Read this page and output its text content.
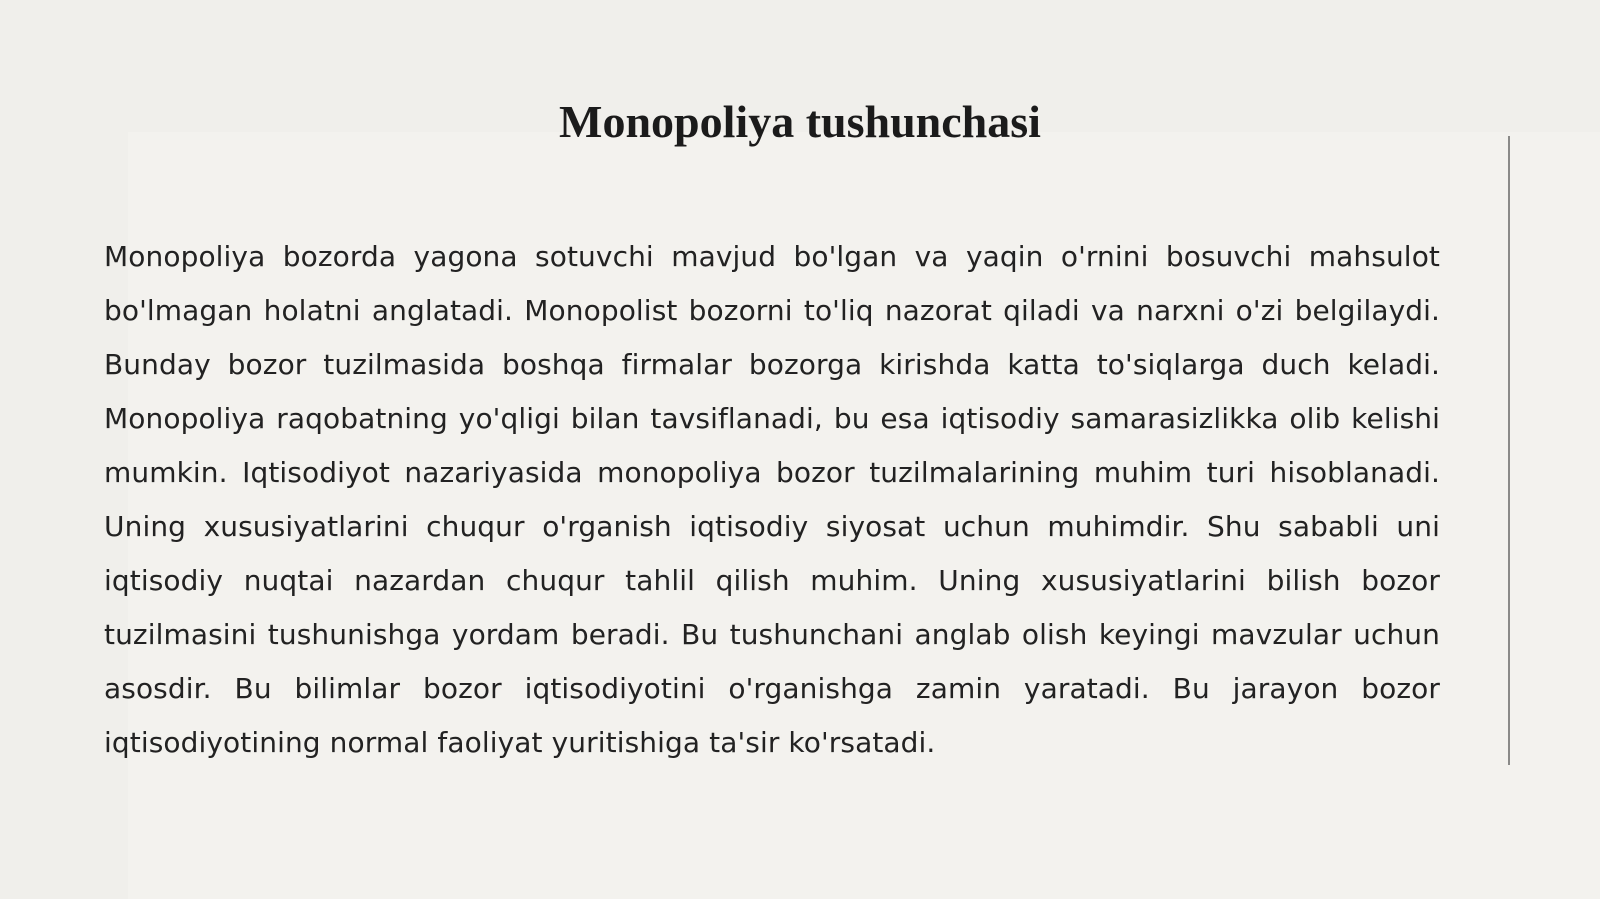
Monopoliya tushunchasi

Monopoliya bozorda yagona sotuvchi mavjud bo'lgan va yaqin o'rnini bosuvchi mahsulot bo'lmagan holatni anglatadi. Monopolist bozorni to'liq nazorat qiladi va narxni o'zi belgilaydi. Bunday bozor tuzilmasida boshqa firmalar bozorga kirishda katta to'siqlarga duch keladi. Monopoliya raqobatning yo'qligi bilan tavsiflanadi, bu esa iqtisodiy samarasizlikka olib kelishi mumkin. Iqtisodiyot nazariyasida monopoliya bozor tuzilmalarining muhim turi hisoblanadi. Uning xususiyatlarini chuqur o'rganish iqtisodiy siyosat uchun muhimdir. Shu sababli uni iqtisodiy nuqtai nazardan chuqur tahlil qilish muhim. Uning xususiyatlarini bilish bozor tuzilmasini tushunishga yordam beradi. Bu tushunchani anglab olish keyingi mavzular uchun asosdir. Bu bilimlar bozor iqtisodiyotini o'rganishga zamin yaratadi. Bu jarayon bozor iqtisodiyotining normal faoliyat yuritishiga ta'sir ko'rsatadi.
